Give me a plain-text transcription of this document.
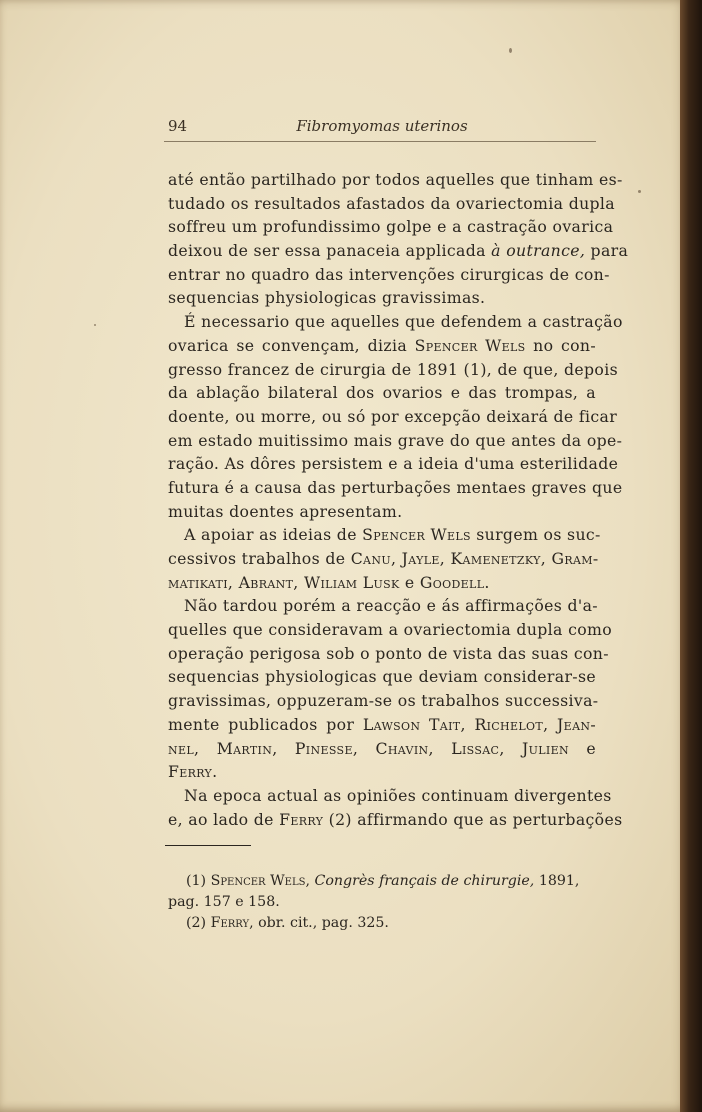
94	Fibromyomas uterinos
até então partilhado por todos aquelles que tinham es-
tudado os resultados afastados da ovariectomia dupla
soffreu um profundissimo golpe e a castração ovarica
deixou de ser essa panaceia applicada à outrance, para
entrar no quadro das intervenções cirurgicas de con-
sequencias physiologicas gravissimas.
É necessario que aquelles que defendem a castração
ovarica se convençam, dizia Spencer Wels no con-
gresso francez de cirurgia de 1891 (1), de que, depois
da ablação bilateral dos ovarios e das trompas, a
doente, ou morre, ou só por excepção deixará de ficar
em estado muitissimo mais grave do que antes da ope-
ração. As dôres persistem e a ideia d'uma esterilidade
futura é a causa das perturbações mentaes graves que
muitas doentes apresentam.
A apoiar as ideias de Spencer Wels surgem os suc-
cessivos trabalhos de Canu, Jayle, Kamenetzky, Gram-
matikati, Abrant, Wiliam Lusk e Goodell.
Não tardou porém a reacção e ás affirmações d'a-
quelles que consideravam a ovariectomia dupla como
operação perigosa sob o ponto de vista das suas con-
sequencias physiologicas que deviam considerar-se
gravissimas, oppuzeram-se os trabalhos successiva-
mente publicados por Lawson Tait, Richelot, Jean-
nel, Martin, Pinesse, Chavin, Lissac, Julien e
Ferry.
Na epoca actual as opiniões continuam divergentes
e, ao lado de Ferry (2) affirmando que as perturbações
(1) Spencer Wels, Congrès français de chirurgie, 1891,
pag. 157 e 158.
(2) Ferry, obr. cit., pag. 325.
